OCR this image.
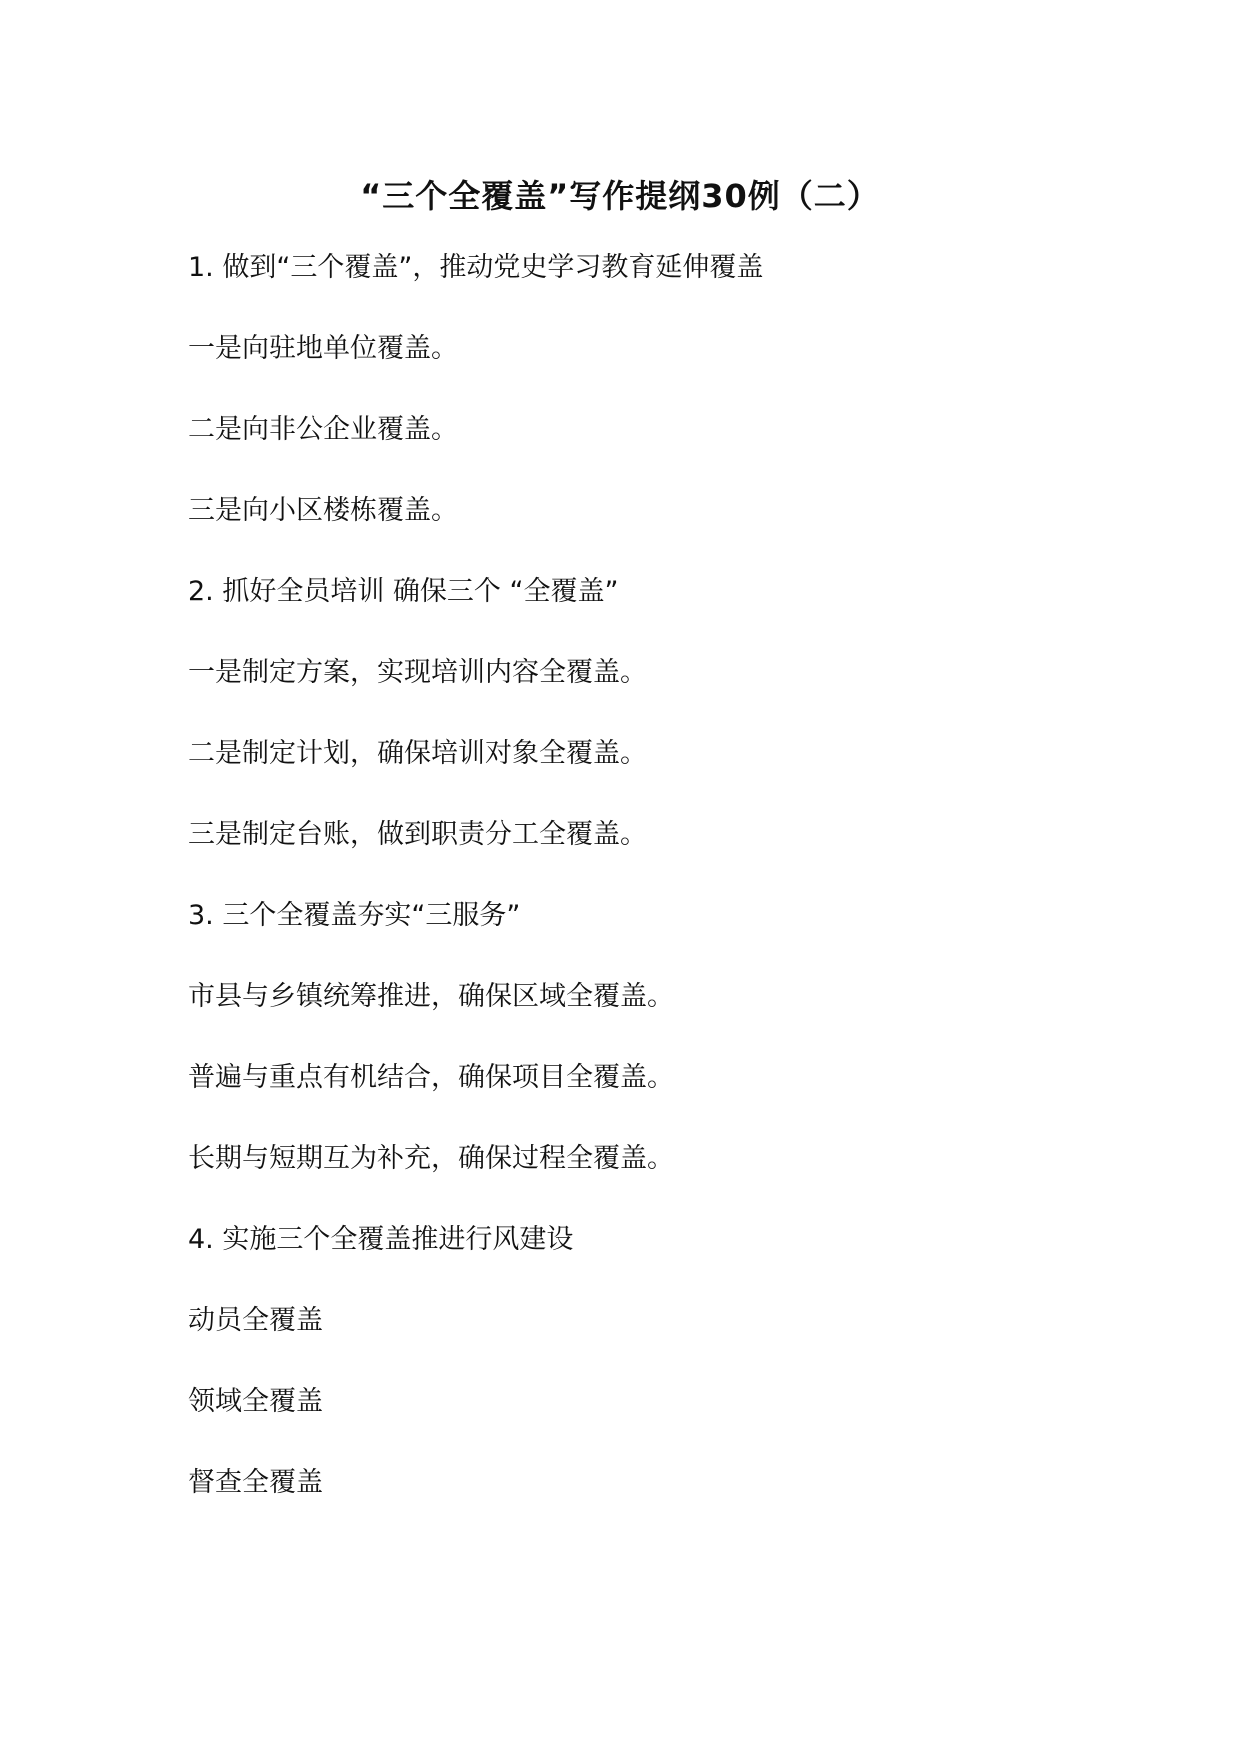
“三个全覆盖”写作提纲30例（二）

1. 做到“三个覆盖”，推动党史学习教育延伸覆盖

一是向驻地单位覆盖。

二是向非公企业覆盖。

三是向小区楼栋覆盖。

2. 抓好全员培训 确保三个 “全覆盖”

一是制定方案，实现培训内容全覆盖。

二是制定计划，确保培训对象全覆盖。

三是制定台账，做到职责分工全覆盖。

3. 三个全覆盖夯实“三服务”

市县与乡镇统筹推进，确保区域全覆盖。

普遍与重点有机结合，确保项目全覆盖。

长期与短期互为补充，确保过程全覆盖。

4. 实施三个全覆盖推进行风建设

动员全覆盖

领域全覆盖

督查全覆盖
